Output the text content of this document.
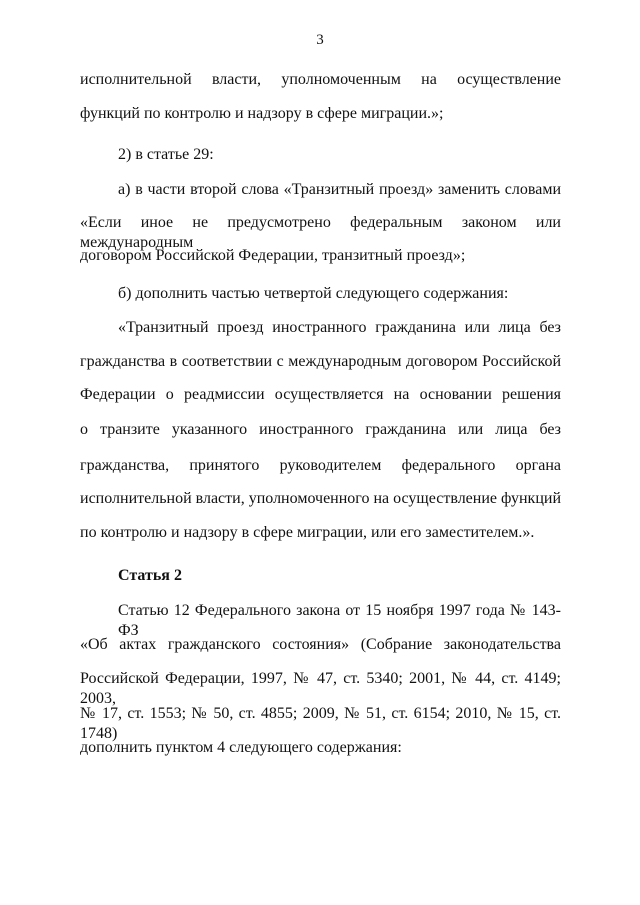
3
исполнительной власти, уполномоченным на осуществление
функций по контролю и надзору в сфере миграции.»;
2) в статье 29:
а) в части второй слова «Транзитный проезд» заменить словами
«Если иное не предусмотрено федеральным законом или международным
договором Российской Федерации, транзитный проезд»;
б) дополнить частью четвертой следующего содержания:
«Транзитный проезд иностранного гражданина или лица без
гражданства в соответствии с международным договором Российской
Федерации о реадмиссии осуществляется на основании решения
о транзите указанного иностранного гражданина или лица без
гражданства, принятого руководителем федерального органа
исполнительной власти, уполномоченного на осуществление функций
по контролю и надзору в сфере миграции, или его заместителем.».
Статья 2
Статью 12 Федерального закона от 15 ноября 1997 года № 143-ФЗ
«Об актах гражданского состояния» (Собрание законодательства
Российской Федерации, 1997, № 47, ст. 5340; 2001, № 44, ст. 4149; 2003,
№ 17, ст. 1553; № 50, ст. 4855; 2009, № 51, ст. 6154; 2010, № 15, ст. 1748)
дополнить пунктом 4 следующего содержания:
